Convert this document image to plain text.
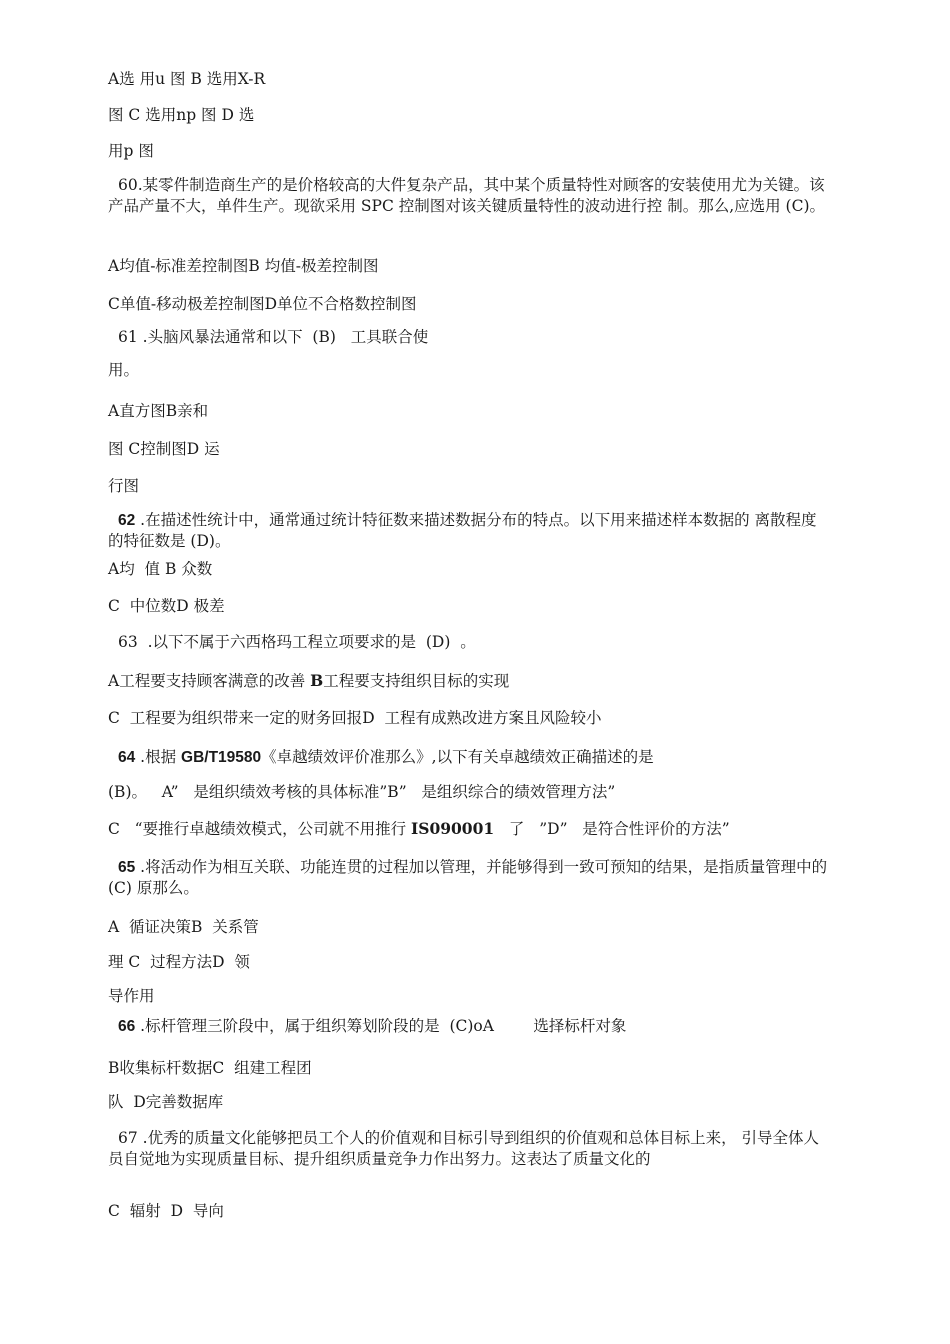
A选 用u 图 B 选用X-R
图 C 选用np 图 D 选
用p 图
60.某零件制造商生产的是价格较高的大件复杂产品，其中某个质量特性对顾客的安装使用尤为关键。该产品产量不大，单件生产。现欲采用 SPC 控制图对该关键质量特性的波动进行控 制。那么,应选用 (C)。
A均值-标准差控制图B 均值-极差控制图
C单值-移动极差控制图D单位不合格数控制图
61 .头脑风暴法通常和以下  (B)   工具联合使
用。
A直方图B亲和
图 C控制图D 运
行图
62 .在描述性统计中，通常通过统计特征数来描述数据分布的特点。以下用来描述样本数据的 离散程度的特征数是 (D)。
A均  值 B 众数
C  中位数D 极差
63  .以下不属于六西格玛工程立项要求的是  (D)  。
A工程要支持顾客满意的改善 B工程要支持组织目标的实现
C  工程要为组织带来一定的财务回报D  工程有成熟改进方案且风险较小
64 .根据 GB/T19580《卓越绩效评价准那么》,以下有关卓越绩效正确描述的是
(B)。   A”   是组织绩效考核的具体标准”B”   是组织综合的绩效管理方法”
C   “要推行卓越绩效模式，公司就不用推行 IS090001   了   ”D”   是符合性评价的方法”
65 .将活动作为相互关联、功能连贯的过程加以管理，并能够得到一致可预知的结果，是指质量管理中的 (C) 原那么。
A  循证决策B  关系管
理 C  过程方法D  领
导作用
66 .标杆管理三阶段中，属于组织筹划阶段的是  (C)oA        选择标杆对象
B收集标杆数据C  组建工程团
队  D完善数据库
67 .优秀的质量文化能够把员工个人的价值观和目标引导到组织的价值观和总体目标上来， 引导全体人员自觉地为实现质量目标、提升组织质量竞争力作出努力。这表达了质量文化的
C  辐射  D  导向
